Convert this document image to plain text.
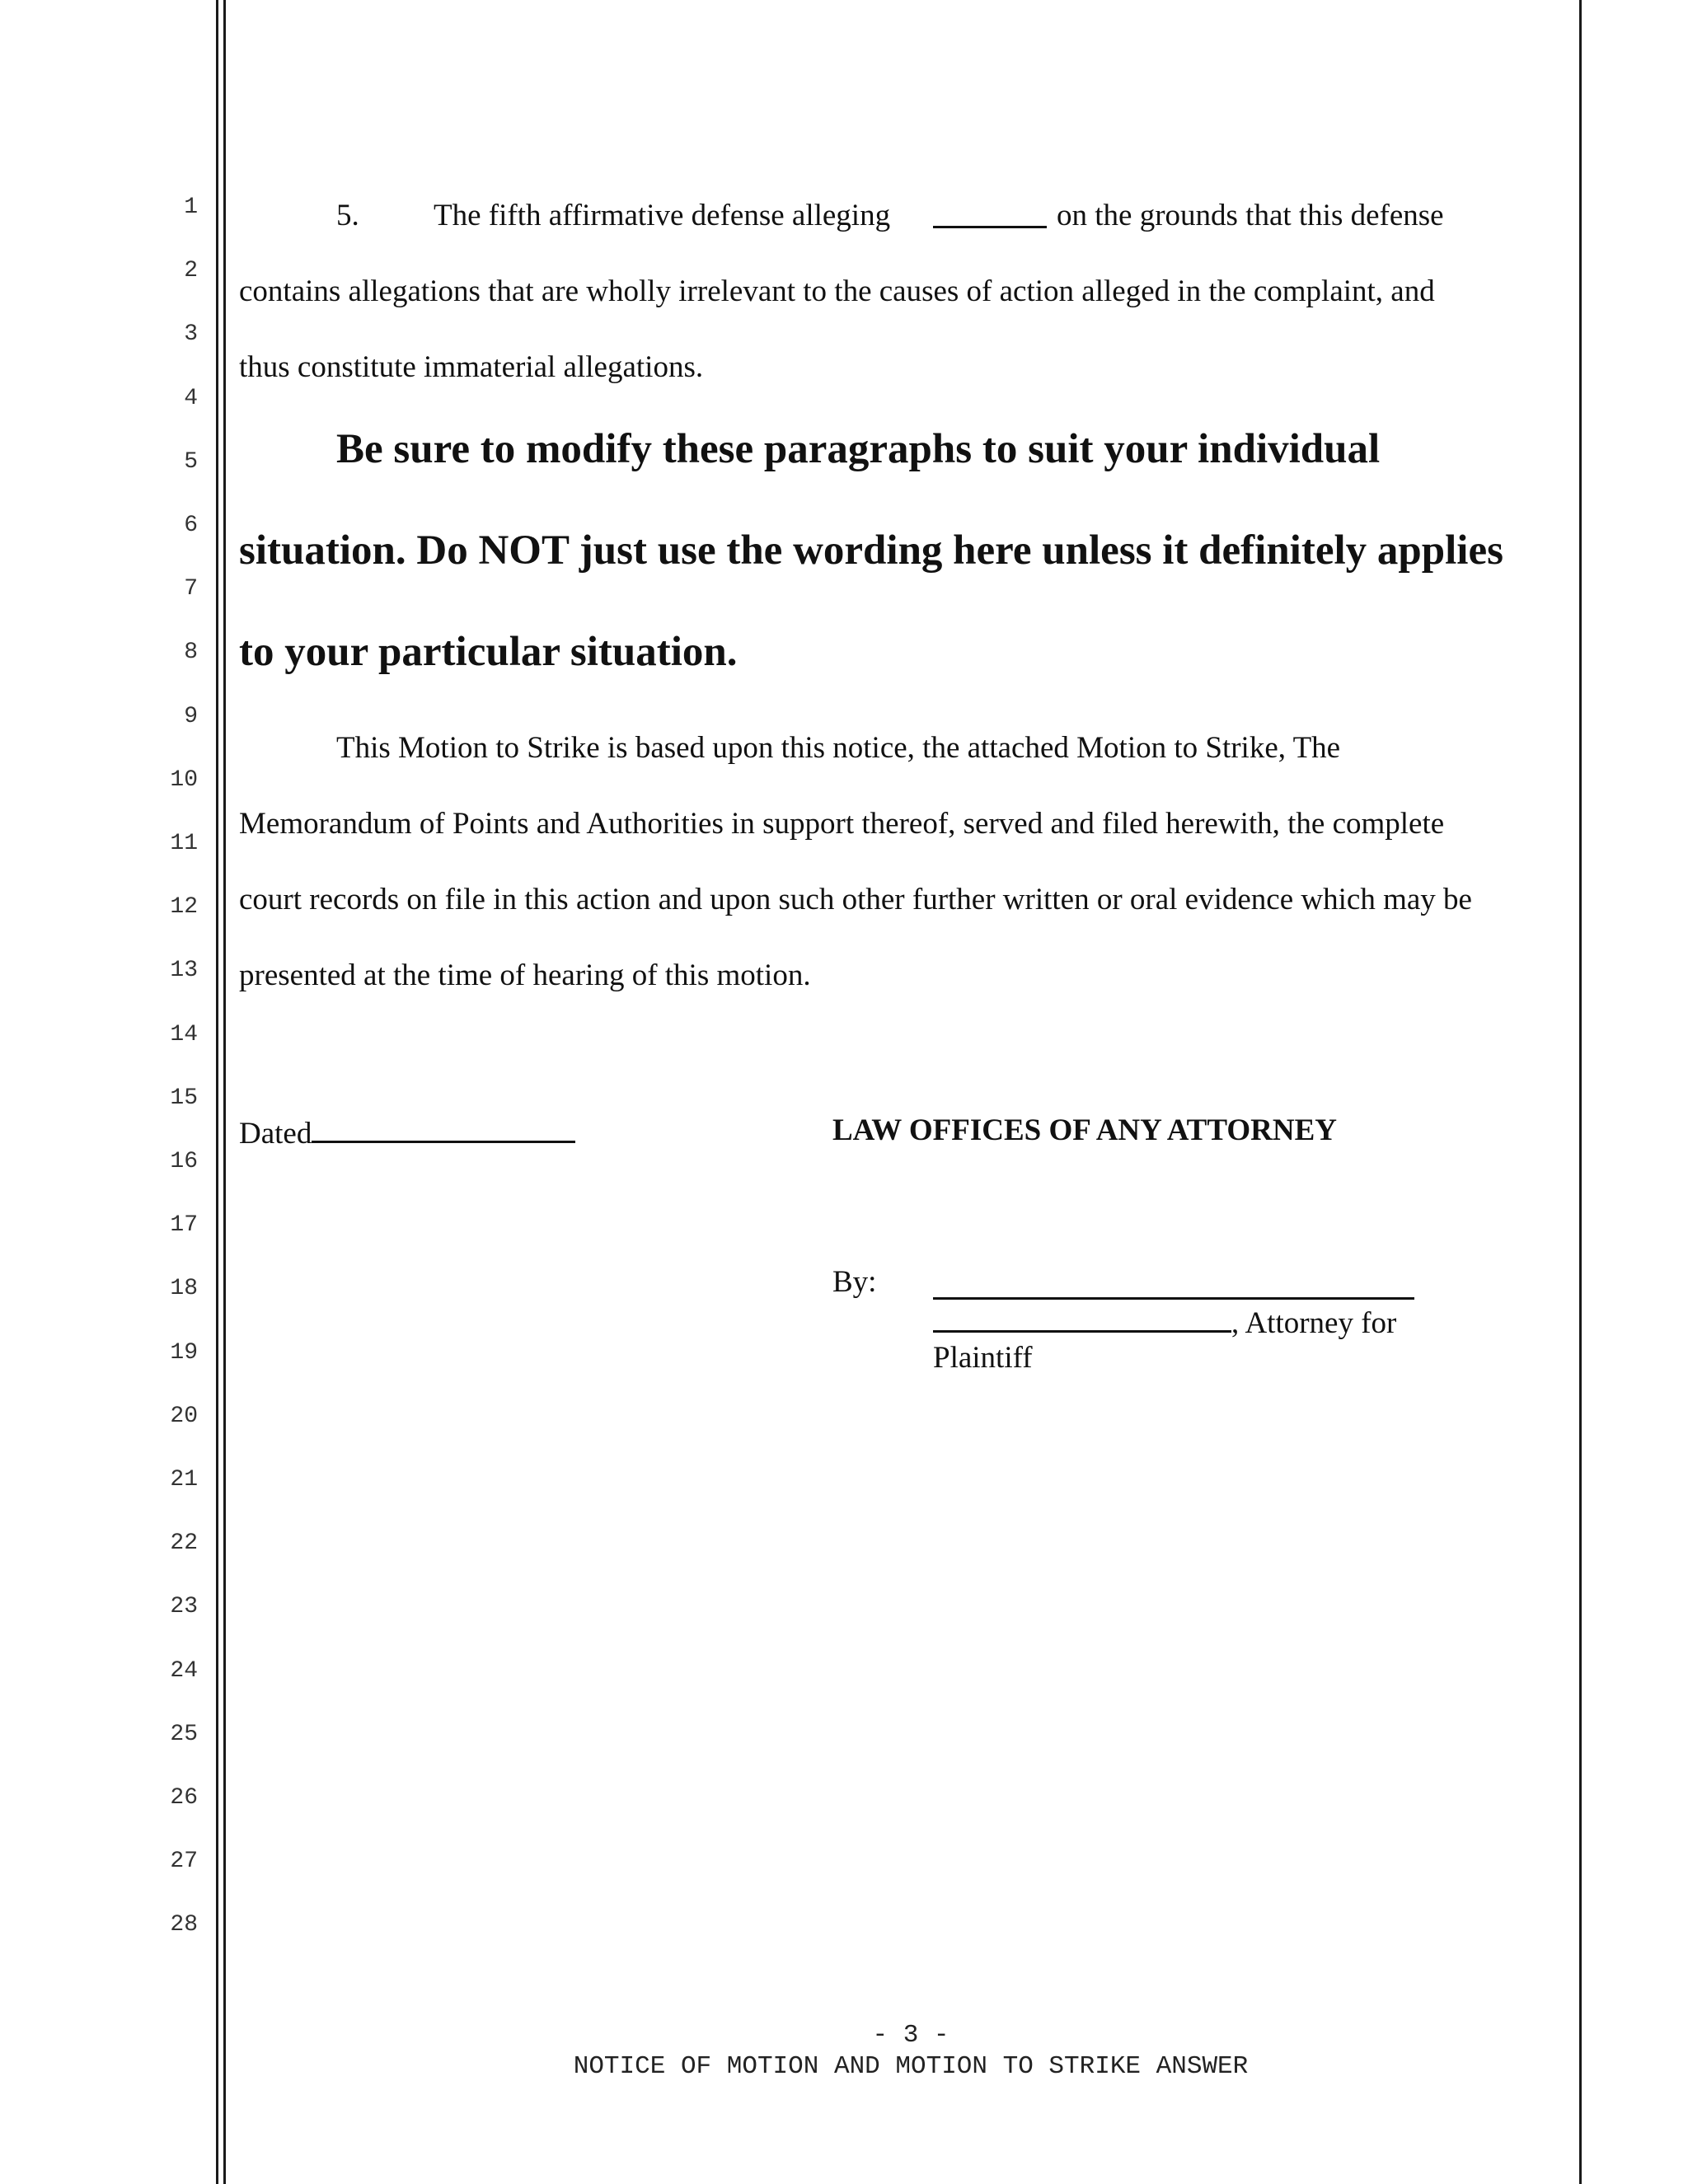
1
2
3
4
5
6
7
8
9
10
11
12
13
14
15
16
17
18
19
20
21
22
23
24
25
26
27
28
5. The fifth affirmative defense alleging	on the grounds that this defense
contains allegations that are wholly irrelevant to the causes of action alleged in the complaint, and
thus constitute immaterial allegations.
Be sure to modify these paragraphs to suit your individual
situation. Do NOT just use the wording here unless it definitely applies
to your particular situation.
This Motion to Strike is based upon this notice, the attached Motion to Strike, The
Memorandum of Points and Authorities in support thereof, served and filed herewith, the complete
court records on file in this action and upon such other further written or oral evidence which may be
presented at the time of hearing of this motion.
Dated	LAW OFFICES OF ANY ATTORNEY
By:
, Attorney for
Plaintiff
- 3 -
NOTICE OF MOTION AND MOTION TO STRIKE ANSWER
